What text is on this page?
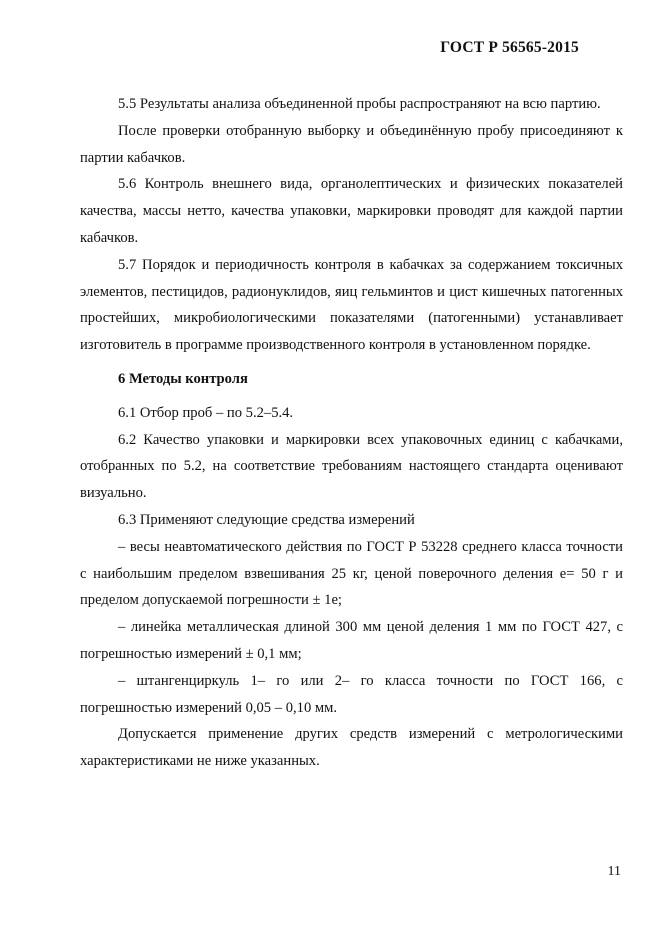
ГОСТ Р 56565-2015

5.5 Результаты анализа объединенной пробы распространяют на всю партию.

После проверки отобранную выборку и объединённую пробу присоединяют к партии кабачков.

5.6 Контроль внешнего вида, органолептических и физических показателей качества, массы нетто, качества упаковки, маркировки проводят для каждой партии кабачков.

5.7 Порядок и периодичность контроля в кабачках за содержанием токсичных элементов, пестицидов, радионуклидов, яиц гельминтов и цист кишечных патогенных простейших, микробиологическими показателями (патогенными) устанавливает изготовитель в программе производственного контроля в установленном порядке.

6 Методы контроля

6.1 Отбор проб – по 5.2–5.4.

6.2 Качество упаковки и маркировки всех упаковочных единиц с кабачками, отобранных по 5.2, на соответствие требованиям настоящего стандарта оценивают визуально.

6.3 Применяют следующие средства измерений

– весы неавтоматического действия по ГОСТ Р 53228 среднего класса точности с наибольшим пределом взвешивания 25 кг, ценой поверочного деления e= 50 г и пределом допускаемой погрешности ± 1e;

– линейка металлическая длиной 300 мм ценой деления 1 мм по ГОСТ 427, с погрешностью измерений ± 0,1 мм;

– штангенциркуль 1– го или 2– го класса точности по ГОСТ 166, с погрешностью измерений 0,05 – 0,10 мм.

Допускается применение других средств измерений с метрологическими характеристиками не ниже указанных.

11
